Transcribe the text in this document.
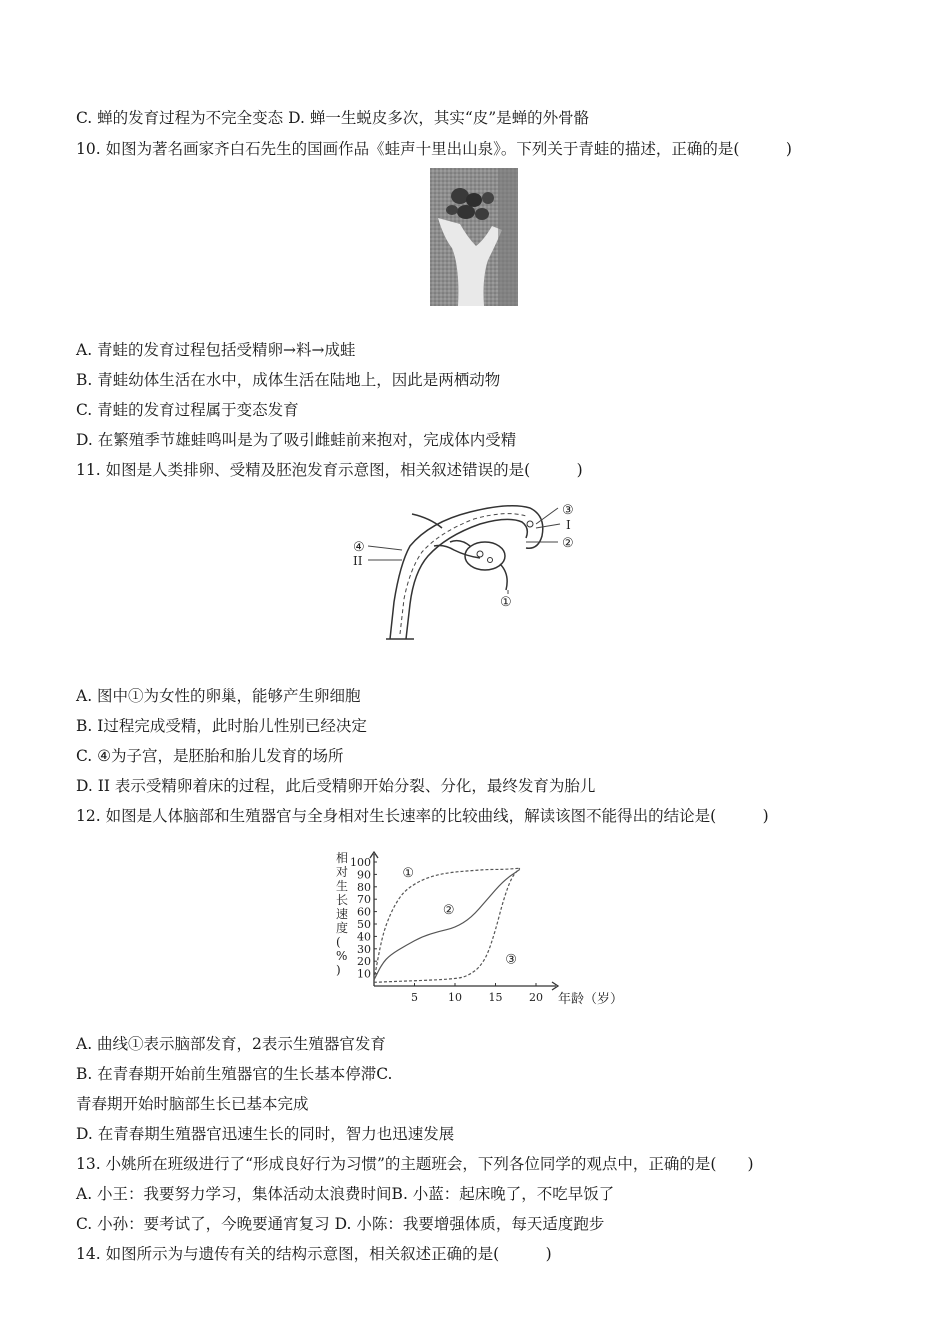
C. 蝉的发育过程为不完全变态 D. 蝉一生蜕皮多次，其实“皮”是蝉的外骨骼
10. 如图为著名画家齐白石先生的国画作品《蛙声十里出山泉》。下列关于青蛙的描述，正确的是(　　　)
A. 青蛙的发育过程包括受精卵→料→成蛙
B. 青蛙幼体生活在水中，成体生活在陆地上，因此是两栖动物
C. 青蛙的发育过程属于变态发育
D. 在繁殖季节雄蛙鸣叫是为了吸引雌蛙前来抱对，完成体内受精
11. 如图是人类排卵、受精及胚泡发育示意图，相关叙述错误的是(　　　)
③
I
②
④
II
①
A. 图中①为女性的卵巢，能够产生卵细胞
B. I过程完成受精，此时胎儿性别已经决定
C. ④为子宫，是胚胎和胎儿发育的场所
D. II 表示受精卵着床的过程，此后受精卵开始分裂、分化，最终发育为胎儿
12. 如图是人体脑部和生殖器官与全身相对生长速率的比较曲线，解读该图不能得出的结论是(　　　)
相
对
生
长
速
度
(
%
) 10
20
30
40
50
60
70
80
90
100
5	10 15 20
①
②
③
年龄（岁）
A. 曲线①表示脑部发育，2表示生殖器官发育
B. 在青春期开始前生殖器官的生长基本停滞C.
青春期开始时脑部生长已基本完成
D. 在青春期生殖器官迅速生长的同时，智力也迅速发展
13. 小姚所在班级进行了“形成良好行为习惯”的主题班会，下列各位同学的观点中，正确的是(　　)
A. 小王：我要努力学习，集体活动太浪费时间B. 小蓝：起床晚了，不吃早饭了
C. 小孙：要考试了，今晚要通宵复习 D. 小陈：我要增强体质，每天适度跑步
14. 如图所示为与遗传有关的结构示意图，相关叙述正确的是(　　　)
